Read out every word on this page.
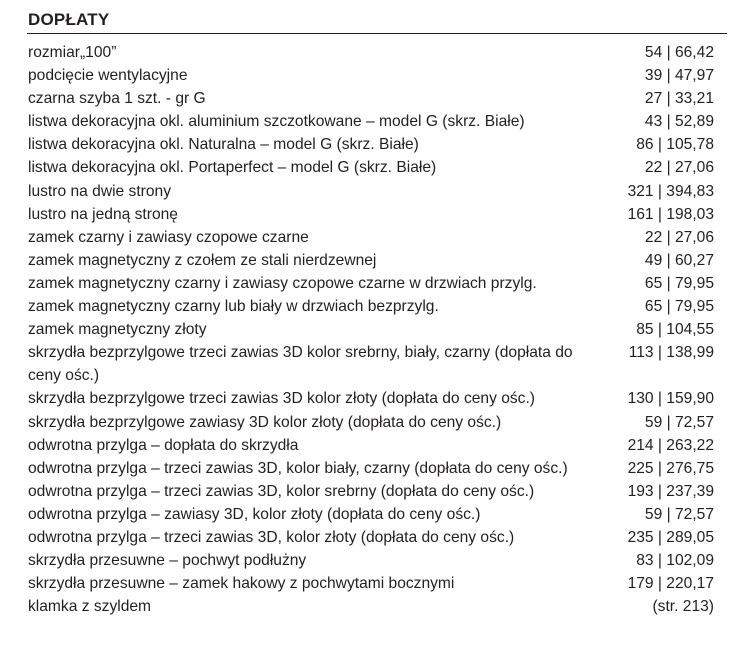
DOPŁATY
rozmiar„100”	54 | 66,42
podcięcie wentylacyjne	39 | 47,97
czarna szyba 1 szt. - gr G	27 | 33,21
listwa dekoracyjna okl. aluminium szczotkowane – model G (skrz. Białe)	43 | 52,89
listwa dekoracyjna okl. Naturalna – model G (skrz. Białe)	86 | 105,78
listwa dekoracyjna okl. Portaperfect – model G (skrz. Białe)	22 | 27,06
lustro na dwie strony	321 | 394,83
lustro na jedną stronę	161 | 198,03
zamek czarny i zawiasy czopowe czarne	22 | 27,06
zamek magnetyczny z czołem ze stali nierdzewnej	49 | 60,27
zamek magnetyczny czarny i zawiasy czopowe czarne w drzwiach przylg.	65 | 79,95
zamek magnetyczny czarny lub biały w drzwiach bezprzylg.	65 | 79,95
zamek magnetyczny złoty	85 | 104,55
skrzydła bezprzylgowe trzeci zawias 3D kolor srebrny, biały, czarny (dopłata do ceny ośc.)
113 | 138,99
skrzydła bezprzylgowe trzeci zawias 3D kolor złoty (dopłata do ceny ośc.)	130 | 159,90
skrzydła bezprzylgowe zawiasy 3D kolor złoty (dopłata do ceny ośc.)	59 | 72,57
odwrotna przylga – dopłata do skrzydła	214 | 263,22
odwrotna przylga – trzeci zawias 3D, kolor biały, czarny (dopłata do ceny ośc.)	225 | 276,75
odwrotna przylga – trzeci zawias 3D, kolor srebrny (dopłata do ceny ośc.)	193 | 237,39
odwrotna przylga – zawiasy 3D, kolor złoty (dopłata do ceny ośc.)	59 | 72,57
odwrotna przylga – trzeci zawias 3D, kolor złoty (dopłata do ceny ośc.)	235 | 289,05
skrzydła przesuwne – pochwyt podłużny	83 | 102,09
skrzydła przesuwne – zamek hakowy z pochwytami bocznymi	179 | 220,17
klamka z szyldem	(str. 213)
